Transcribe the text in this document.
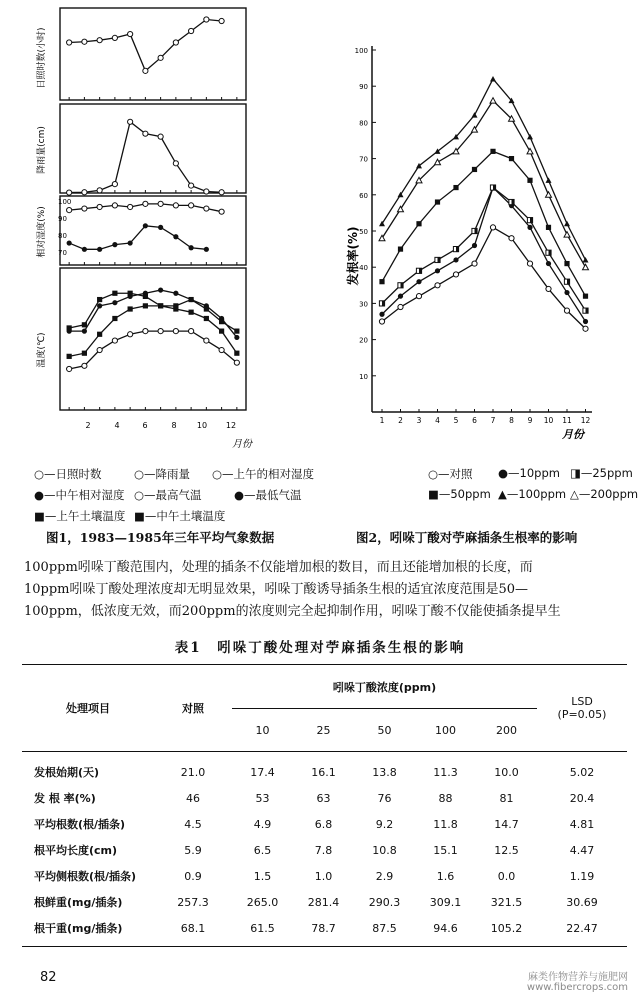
日照时数(小时)
降雨量(cm)
相对湿度(%)
温度(℃)
100
90
80
70
2	4	6	8	10 12
月份
100
90
80
70
60
50
40
30
20
10
1 2 3 4 5 6 7 8 9 10 11 12
发根率(%)
月份
○—日照时数	○—降雨量 ○—上午的相对湿度
●—中午相对湿度 ○—最高气温	●—最低气温
■—上午土壤温度 ■—中午土壤温度
○—对照 ●—10ppm ◨—25ppm
■—50ppm ▲—100ppm △—200ppm
图1，1983—1985年三年平均气象数据	图2，吲哚丁酸对苧麻插条生根率的影响

100ppm吲哚丁酸范围内，处理的插条不仅能增加根的数目，而且还能增加根的长度，而

10ppm吲哚丁酸处理浓度却无明显效果，吲哚丁酸诱导插条生根的适宜浓度范围是50—

100ppm，低浓度无效，而200ppm的浓度则完全起抑制作用，吲哚丁酸不仅能使插条提早生

表1　吲哚丁酸处理对苧麻插条生根的影响
处理项目	对照	吲哚丁酸浓度(ppm)					LSD
(P=0.05)

		10	25	50	100	200	

发根始期(天)	21.0	17.4	16.1	13.8	11.3	10.0	5.02
发 根 率(%)	46	53	63	76	88	81	20.4
平均根数(根/插条)	4.5	4.9	6.8	9.2	11.8	14.7	4.81
根平均长度(cm)	5.9	6.5	7.8	10.8	15.1	12.5	4.47
平均侧根数(根/插条)	0.9	1.5	1.0	2.9	1.6	0.0	1.19
根鲜重(mg/插条)	257.3	265.0	281.4	290.3	309.1	321.5	30.69
根干重(mg/插条)	68.1	61.5	78.7	87.5	94.6	105.2	22.47
82	麻类作物营养与施肥网
www.fibercrops.com
